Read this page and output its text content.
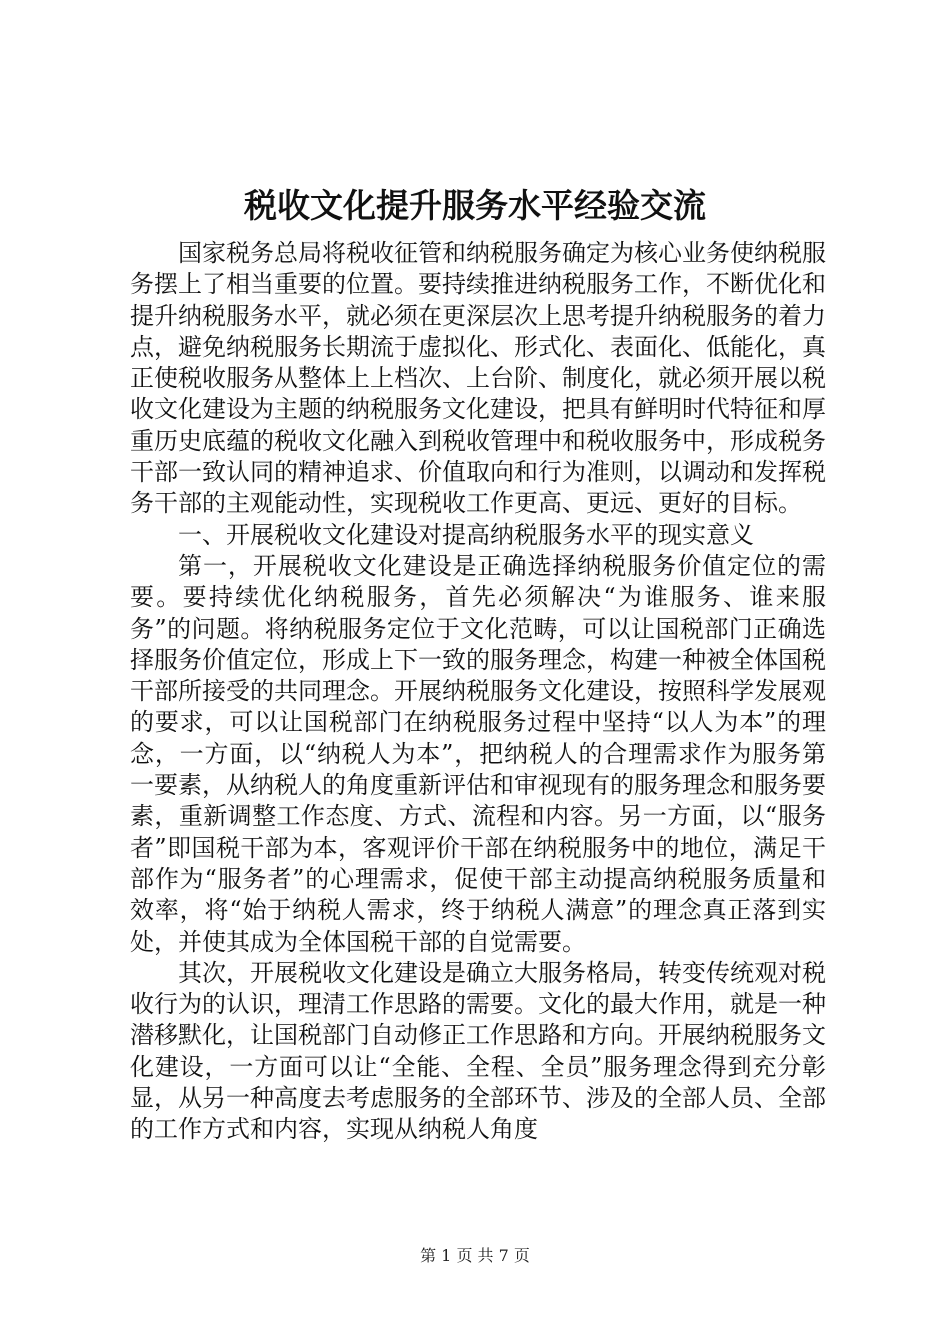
税收文化提升服务水平经验交流

国家税务总局将税收征管和纳税服务确定为核心业务使纳税服务摆上了相当重要的位置。要持续推进纳税服务工作，不断优化和提升纳税服务水平，就必须在更深层次上思考提升纳税服务的着力点，避免纳税服务长期流于虚拟化、形式化、表面化、低能化，真正使税收服务从整体上上档次、上台阶、制度化，就必须开展以税收文化建设为主题的纳税服务文化建设，把具有鲜明时代特征和厚重历史底蕴的税收文化融入到税收管理中和税收服务中，形成税务干部一致认同的精神追求、价值取向和行为准则，以调动和发挥税务干部的主观能动性，实现税收工作更高、更远、更好的目标。

一、开展税收文化建设对提高纳税服务水平的现实意义

第一，开展税收文化建设是正确选择纳税服务价值定位的需要。要持续优化纳税服务，首先必须解决“为谁服务、谁来服务”的问题。将纳税服务定位于文化范畴，可以让国税部门正确选择服务价值定位，形成上下一致的服务理念，构建一种被全体国税干部所接受的共同理念。开展纳税服务文化建设，按照科学发展观的要求，可以让国税部门在纳税服务过程中坚持“以人为本”的理念，一方面，以“纳税人为本”，把纳税人的合理需求作为服务第一要素，从纳税人的角度重新评估和审视现有的服务理念和服务要素，重新调整工作态度、方式、流程和内容。另一方面，以“服务者”即国税干部为本，客观评价干部在纳税服务中的地位，满足干部作为“服务者”的心理需求，促使干部主动提高纳税服务质量和效率，将“始于纳税人需求，终于纳税人满意”的理念真正落到实处，并使其成为全体国税干部的自觉需要。

其次，开展税收文化建设是确立大服务格局，转变传统观对税收行为的认识，理清工作思路的需要。文化的最大作用，就是一种潜移默化，让国税部门自动修正工作思路和方向。开展纳税服务文化建设，一方面可以让“全能、全程、全员”服务理念得到充分彰显，从另一种高度去考虑服务的全部环节、涉及的全部人员、全部的工作方式和内容，实现从纳税人角度

第 1 页 共 7 页
